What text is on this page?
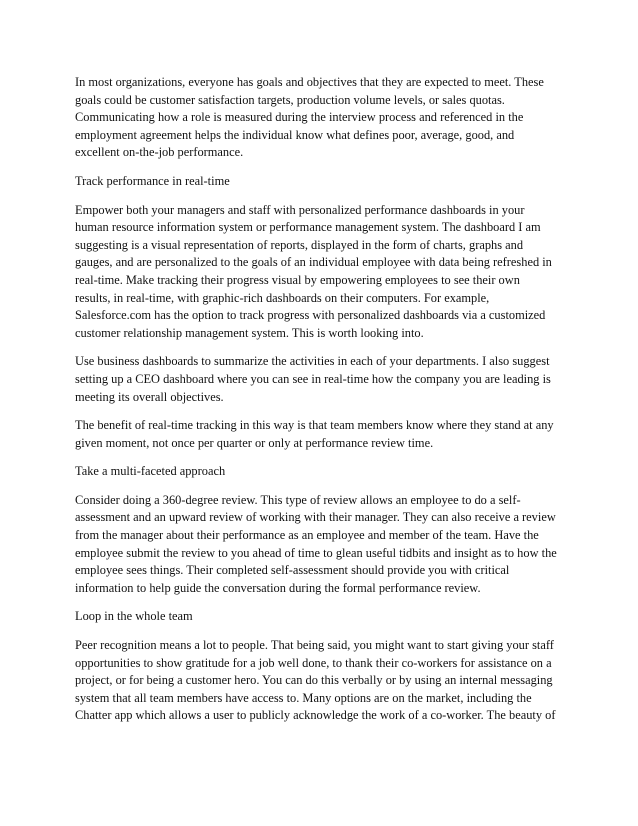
In most organizations, everyone has goals and objectives that they are expected to meet. These
goals could be customer satisfaction targets, production volume levels, or sales quotas.
Communicating how a role is measured during the interview process and referenced in the
employment agreement helps the individual know what defines poor, average, good, and
excellent on-the-job performance.

Track performance in real-time

Empower both your managers and staff with personalized performance dashboards in your
human resource information system or performance management system. The dashboard I am
suggesting is a visual representation of reports, displayed in the form of charts, graphs and
gauges, and are personalized to the goals of an individual employee with data being refreshed in
real-time. Make tracking their progress visual by empowering employees to see their own
results, in real-time, with graphic-rich dashboards on their computers. For example,
Salesforce.com has the option to track progress with personalized dashboards via a customized
customer relationship management system. This is worth looking into.

Use business dashboards to summarize the activities in each of your departments. I also suggest
setting up a CEO dashboard where you can see in real-time how the company you are leading is
meeting its overall objectives.

The benefit of real-time tracking in this way is that team members know where they stand at any
given moment, not once per quarter or only at performance review time.

Take a multi-faceted approach

Consider doing a 360-degree review. This type of review allows an employee to do a self-
assessment and an upward review of working with their manager. They can also receive a review
from the manager about their performance as an employee and member of the team. Have the
employee submit the review to you ahead of time to glean useful tidbits and insight as to how the
employee sees things. Their completed self-assessment should provide you with critical
information to help guide the conversation during the formal performance review.

Loop in the whole team

Peer recognition means a lot to people. That being said, you might want to start giving your staff
opportunities to show gratitude for a job well done, to thank their co-workers for assistance on a
project, or for being a customer hero. You can do this verbally or by using an internal messaging
system that all team members have access to. Many options are on the market, including the
Chatter app which allows a user to publicly acknowledge the work of a co-worker. The beauty of
